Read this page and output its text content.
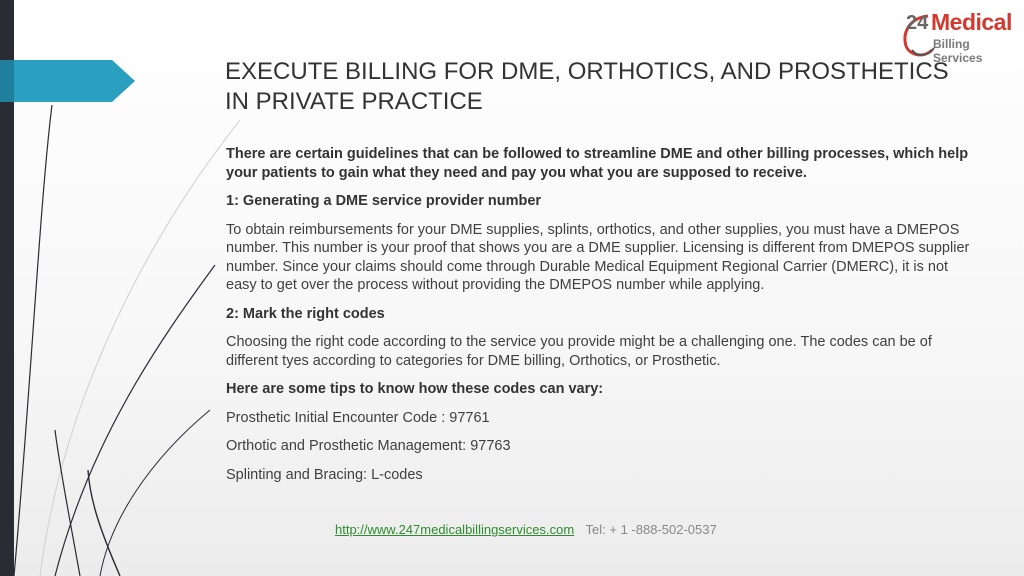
24 Medical
Billing Services
EXECUTE BILLING FOR DME, ORTHOTICS, AND PROSTHETICS IN PRIVATE PRACTICE

There are certain guidelines that can be followed to streamline DME and other billing processes, which help your patients to gain what they need and pay you what you are supposed to receive.

1: Generating a DME service provider number

To obtain reimbursements for your DME supplies, splints, orthotics, and other supplies, you must have a DMEPOS number. This number is your proof that shows you are a DME supplier. Licensing is different from DMEPOS supplier number. Since your claims should come through Durable Medical Equipment Regional Carrier (DMERC), it is not easy to get over the process without providing the DMEPOS number while applying.

2: Mark the right codes

Choosing the right code according to the service you provide might be a challenging one. The codes can be of different tyes according to categories for DME billing, Orthotics, or Prosthetic.

Here are some tips to know how these codes can vary:

Prosthetic Initial Encounter Code : 97761

Orthotic and Prosthetic Management: 97763

Splinting and Bracing: L-codes

http://www.247medicalbillingservices.com Tel: + 1 -888-502-0537
